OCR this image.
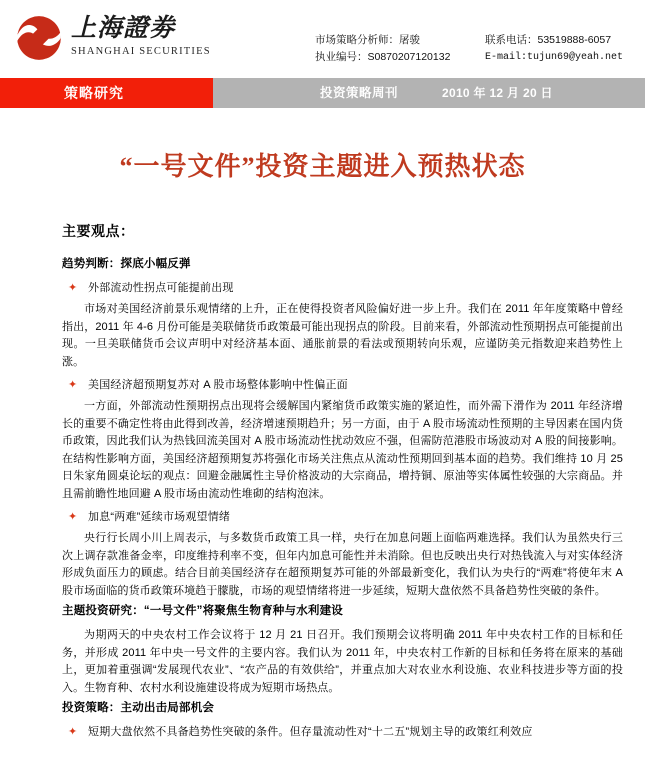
上海證劵
SHANGHAI SECURITIES
市场策略分析师：屠骏	联系电话：53519888-6057
执业编号：S0870207120132	E-mail:tujun69@yeah.net
策略研究	投资策略周刊	2010 年 12 月 20 日
“一号文件”投资主题进入预热状态
主要观点：
趋势判断：探底小幅反弹
✦ 外部流动性拐点可能提前出现

市场对美国经济前景乐观情绪的上升，正在使得投资者风险偏好进一步上升。我们在 2011 年年度策略中曾经指出，2011 年 4-6 月份可能是美联储货币政策最可能出现拐点的阶段。目前来看，外部流动性预期拐点可能提前出现。一旦美联储货币会议声明中对经济基本面、通胀前景的看法或预期转向乐观，应谨防美元指数迎来趋势性上涨。

✦ 美国经济超预期复苏对 A 股市场整体影响中性偏正面

一方面，外部流动性预期拐点出现将会缓解国内紧缩货币政策实施的紧迫性，而外需下滑作为 2011 年经济增长的重要不确定性将由此得到改善，经济增速预期趋升；另一方面，由于 A 股市场流动性预期的主导因素在国内货币政策，因此我们认为热钱回流美国对 A 股市场流动性扰动效应不强，但需防范港股市场波动对 A 股的间接影响。在结构性影响方面，美国经济超预期复苏将强化市场关注焦点从流动性预期回到基本面的趋势。我们维持 10 月 25 日朱家角圆桌论坛的观点：回避金融属性主导价格波动的大宗商品，增持铜、原油等实体属性较强的大宗商品。并且需前瞻性地回避 A 股市场由流动性堆砌的结构泡沫。

✦ 加息“两难”延续市场观望情绪

央行行长周小川上周表示，与多数货币政策工具一样，央行在加息问题上面临两难选择。我们认为虽然央行三次上调存款准备金率，印度维持利率不变，但年内加息可能性并未消除。但也反映出央行对热钱流入与对实体经济形成负面压力的顾虑。结合目前美国经济存在超预期复苏可能的外部最新变化，我们认为央行的“两难”将使年末 A 股市场面临的货币政策环境趋于朦胧，市场的观望情绪将进一步延续，短期大盘依然不具备趋势性突破的条件。

主题投资研究：“一号文件”将聚焦生物育种与水利建设

为期两天的中央农村工作会议将于 12 月 21 日召开。我们预期会议将明确 2011 年中央农村工作的目标和任务，并形成 2011 年中央一号文件的主要内容。我们认为 2011 年，中央农村工作新的目标和任务将在原来的基础上，更加着重强调“发展现代农业”、“农产品的有效供给”，并重点加大对农业水利设施、农业科技进步等方面的投入。生物育种、农村水利设施建设将成为短期市场热点。

投资策略：主动出击局部机会
✦ 短期大盘依然不具备趋势性突破的条件。但存量流动性对“十二五”规划主导的政策红利效应
